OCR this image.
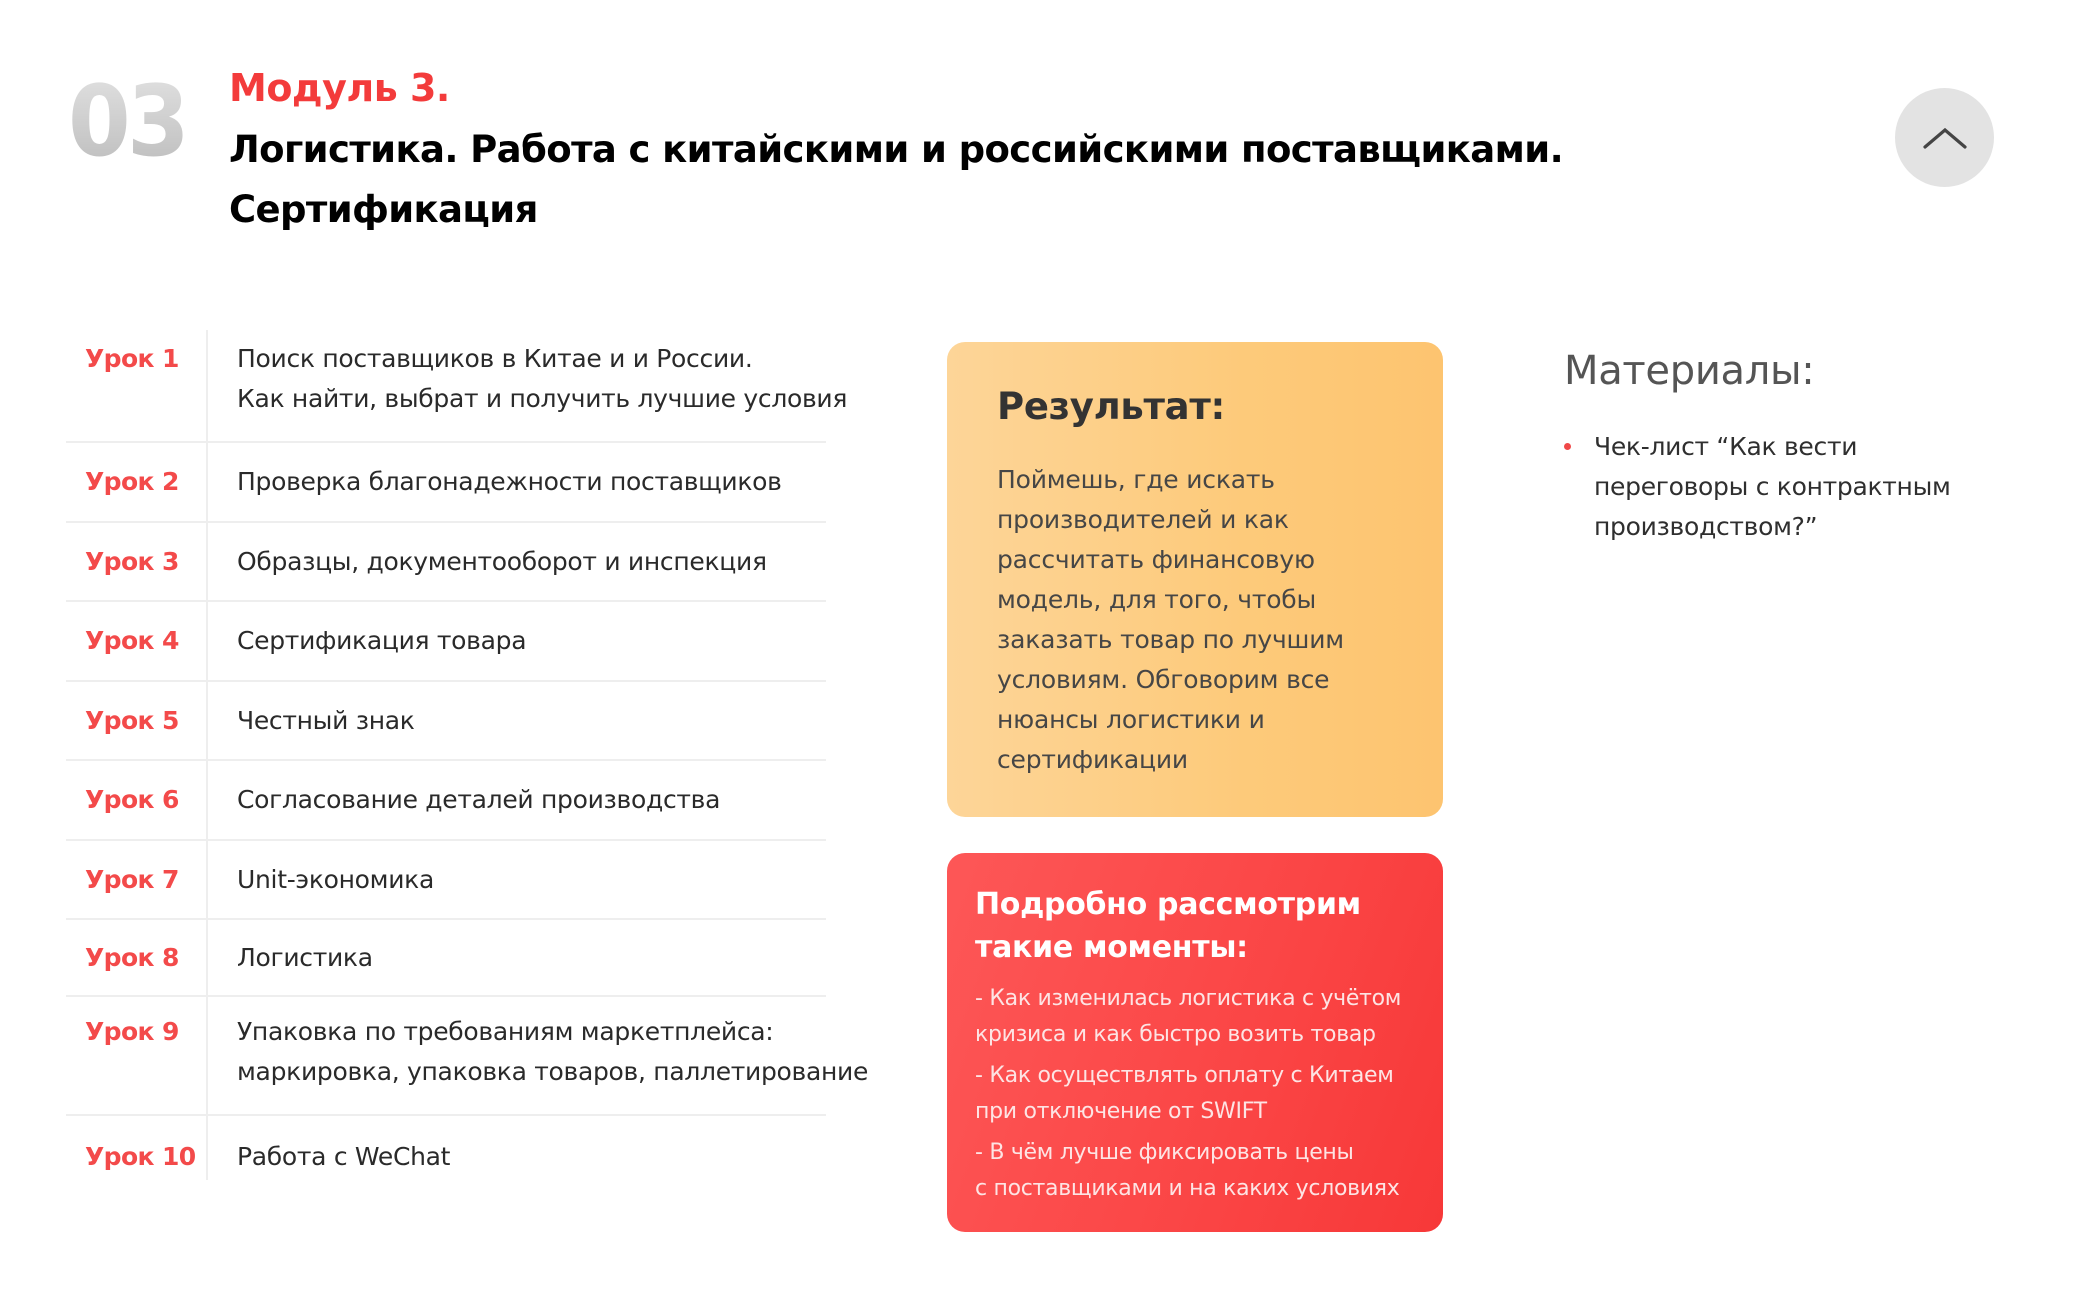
03 Модуль 3.
Логистика. Работа с китайскими и российскими поставщиками.
Сертификация
Урок 1	Поиск поставщиков в Китае и и России.
Как найти, выбрат и получить лучшие условия
Урок 2	Проверка благонадежности поставщиков
Урок 3	Образцы, документооборот и инспекция
Урок 4	Сертификация товара
Урок 5	Честный знак
Урок 6	Согласование деталей производства
Урок 7	Unit-экономика
Урок 8	Логистика
Урок 9	Упаковка по требованиям маркетплейса:
маркировка, упаковка товаров, паллетирование
Урок 10	Работа с WeChat
Результат:
Поймешь, где искать
производителей и как
рассчитать финансовую
модель, для того, чтобы
заказать товар по лучшим
условиям. Обговорим все
нюансы логистики и
сертификации
Подробно рассмотрим
такие моменты:
- Как изменилась логистика с учётом
кризиса и как быстро возить товар
- Как осуществлять оплату с Китаем
при отключение от SWIFT
- В чём лучше фиксировать цены
с поставщиками и на каких условиях
Материалы:
Чек-лист “Как вести
переговоры с контрактным
производством?”
